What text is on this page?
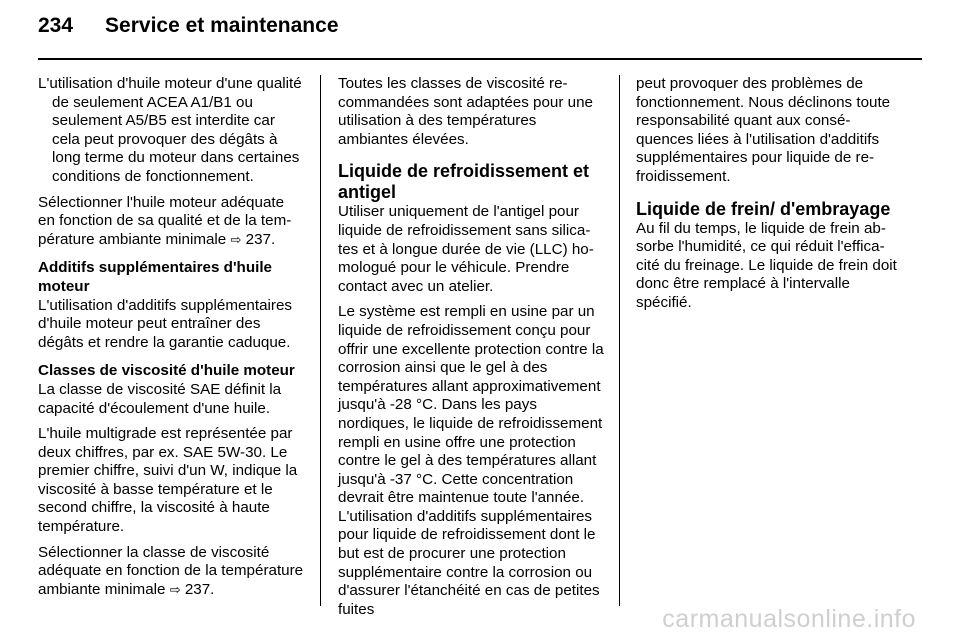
234 Service et maintenance

L'utilisation d'huile moteur d'une qualité de seulement ACEA A1/B1 ou seulement A5/B5 est interdite car cela peut provoquer des dégâts à long terme du moteur dans certaines conditions de fonctionnement.

Sélectionner l'huile moteur adéquate en fonction de sa qualité et de la température ambiante minimale ⇨ 237.

Additifs supplémentaires d'huile moteur

L'utilisation d'additifs supplémentaires d'huile moteur peut entraîner des dégâts et rendre la garantie caduque.

Classes de viscosité d'huile moteur

La classe de viscosité SAE définit la capacité d'écoulement d'une huile.

L'huile multigrade est représentée par deux chiffres, par ex. SAE 5W-30. Le premier chiffre, suivi d'un W, indique la viscosité à basse température et le second chiffre, la viscosité à haute température.

Sélectionner la classe de viscosité adéquate en fonction de la température ambiante minimale ⇨ 237.

Toutes les classes de viscosité recommandées sont adaptées pour une utilisation à des températures ambiantes élevées.

Liquide de refroidissement et antigel

Utiliser uniquement de l'antigel pour liquide de refroidissement sans silicates et à longue durée de vie (LLC) homologué pour le véhicule. Prendre contact avec un atelier.

Le système est rempli en usine par un liquide de refroidissement conçu pour offrir une excellente protection contre la corrosion ainsi que le gel à des températures allant approximativement jusqu'à -28 °C. Dans les pays nordiques, le liquide de refroidissement rempli en usine offre une protection contre le gel à des températures allant jusqu'à -37 °C. Cette concentration devrait être maintenue toute l'année. L'utilisation d'additifs supplémentaires pour liquide de refroidissement dont le but est de procurer une protection supplémentaire contre la corrosion ou d'assurer l'étanchéité en cas de petites fuites

peut provoquer des problèmes de fonctionnement. Nous déclinons toute responsabilité quant aux conséquences liées à l'utilisation d'additifs supplémentaires pour liquide de refroidissement.

Liquide de frein/ d'embrayage

Au fil du temps, le liquide de frein absorbe l'humidité, ce qui réduit l'efficacité du freinage. Le liquide de frein doit donc être remplacé à l'intervalle spécifié.

carmanualsonline.info
